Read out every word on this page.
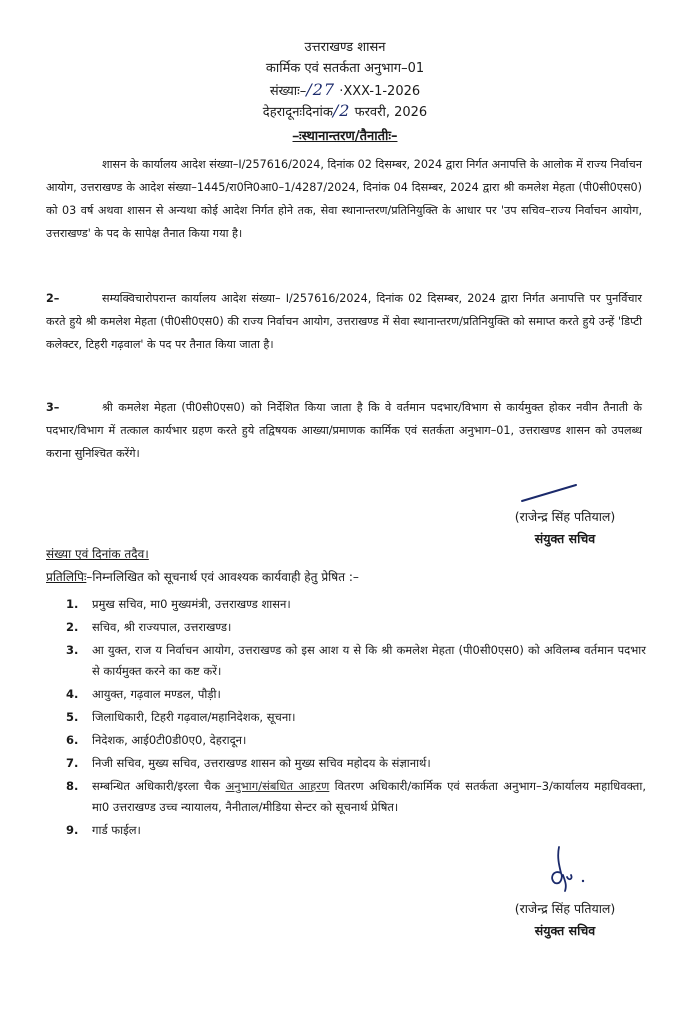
उत्तराखण्ड शासन
कार्मिक एवं सतर्कता अनुभाग–01
संख्याः–/27 ·XXX-1-2026
देहरादूनःदिनांक/2 फरवरी, 2026
–ःस्थानान्तरण/तैनातीः–
शासन के कार्यालय आदेश संख्या–I/257616/2024, दिनांक 02 दिसम्बर, 2024 द्वारा निर्गत अनापत्ति के आलोक में राज्य निर्वाचन आयोग, उत्तराखण्ड के आदेश संख्या–1445/रा0नि0आ0–1/4287/2024, दिनांक 04 दिसम्बर, 2024 द्वारा श्री कमलेश मेहता (पी0सी0एस0) को 03 वर्ष अथवा शासन से अन्यथा कोई आदेश निर्गत होने तक, सेवा स्थानान्तरण/प्रतिनियुक्ति के आधार पर 'उप सचिव–राज्य निर्वाचन आयोग, उत्तराखण्ड' के पद के सापेक्ष तैनात किया गया है।
2–	सम्यक्विचारोपरान्त कार्यालय आदेश संख्या– I/257616/2024, दिनांक 02 दिसम्बर, 2024 द्वारा निर्गत अनापत्ति पर पुनर्विचार करते हुये श्री कमलेश मेहता (पी0सी0एस0) की राज्य निर्वाचन आयोग, उत्तराखण्ड में सेवा स्थानान्तरण/प्रतिनियुक्ति को समाप्त करते हुये उन्हें 'डिप्टी कलेक्टर, टिहरी गढ़वाल' के पद पर तैनात किया जाता है।
3–	श्री कमलेश मेहता (पी0सी0एस0) को निर्देशित किया जाता है कि वे वर्तमान पदभार/विभाग से कार्यमुक्त होकर नवीन तैनाती के पदभार/विभाग में तत्काल कार्यभार ग्रहण करते हुये तद्विषयक आख्या/प्रमाणक कार्मिक एवं सतर्कता अनुभाग–01, उत्तराखण्ड शासन को उपलब्ध कराना सुनिश्चित करेंगे।
(राजेन्द्र सिंह पतियाल)
संयुक्त सचिव
संख्या एवं दिनांक तदैव।
प्रतिलिपिः–निम्नलिखित को सूचनार्थ एवं आवश्यक कार्यवाही हेतु प्रेषित :–
1.	प्रमुख सचिव, मा0 मुख्यमंत्री, उत्तराखण्ड शासन।
2.	सचिव, श्री राज्यपाल, उत्तराखण्ड।
3.	आ युक्त, राज य निर्वाचन आयोग, उत्तराखण्ड को इस आश य से कि श्री कमलेश मेहता (पी0सी0एस0) को अविलम्ब वर्तमान पदभार से कार्यमुक्त करने का कष्ट करें।
4.	आयुक्त, गढ़वाल मण्डल, पौड़ी।
5.	जिलाधिकारी, टिहरी गढ़वाल/महानिदेशक, सूचना।
6.	निदेशक, आई0टी0डी0ए0, देहरादून।
7.	निजी सचिव, मुख्य सचिव, उत्तराखण्ड शासन को मुख्य सचिव महोदय के संज्ञानार्थ।
8.	सम्बन्धित अधिकारी/इरला चैक अनुभाग/संबधित आहरण वितरण अधिकारी/कार्मिक एवं सतर्कता अनुभाग–3/कार्यालय महाधिवक्ता, मा0 उत्तराखण्ड उच्च न्यायालय, नैनीताल/मीडिया सेन्टर को सूचनार्थ प्रेषित।
9.	गार्ड फाईल।
(राजेन्द्र सिंह पतियाल)
संयुक्त सचिव
